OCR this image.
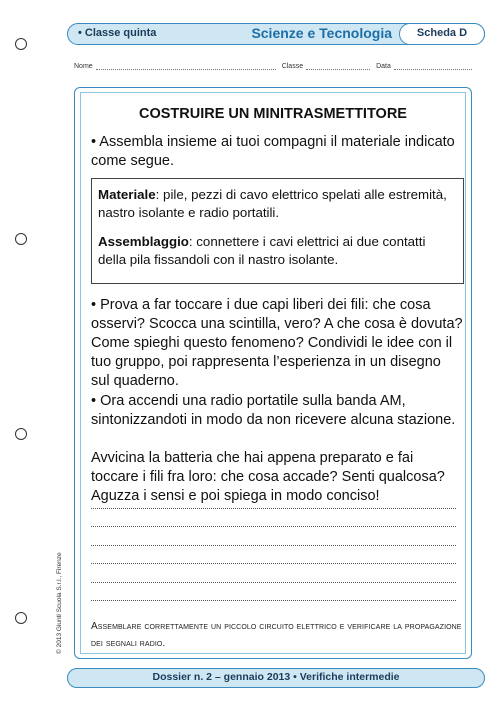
• Classe quinta	Scienze e Tecnologia	Scheda D
Nome	Classe	Data
COSTRUIRE UN MINITRASMETTITORE
• Assembla insieme ai tuoi compagni il materiale indicato come segue.
Materiale: pile, pezzi di cavo elettrico spelati alle estremità, nastro isolante e radio portatili.
Assemblaggio: connettere i cavi elettrici ai due contatti della pila fissandoli con il nastro isolante.
• Prova a far toccare i due capi liberi dei fili: che cosa osservi? Scocca una scintilla, vero? A che cosa è dovuta? Come spieghi questo fenomeno? Condividi le idee con il tuo gruppo, poi rappresenta l’esperienza in un disegno sul quaderno.
• Ora accendi una radio portatile sulla banda AM, sintonizzandoti in modo da non ricevere alcuna stazione.
Avvicina la batteria che hai appena preparato e fai toccare i fili fra loro: che cosa accade? Senti qualcosa? Aguzza i sensi e poi spiega in modo conciso!
Assemblare correttamente un piccolo circuito elettrico e verificare la propagazione dei segnali radio.
© 2013 Giunti Scuola S.r.l., Firenze
Dossier n. 2 – gennaio 2013 • Verifiche intermedie
